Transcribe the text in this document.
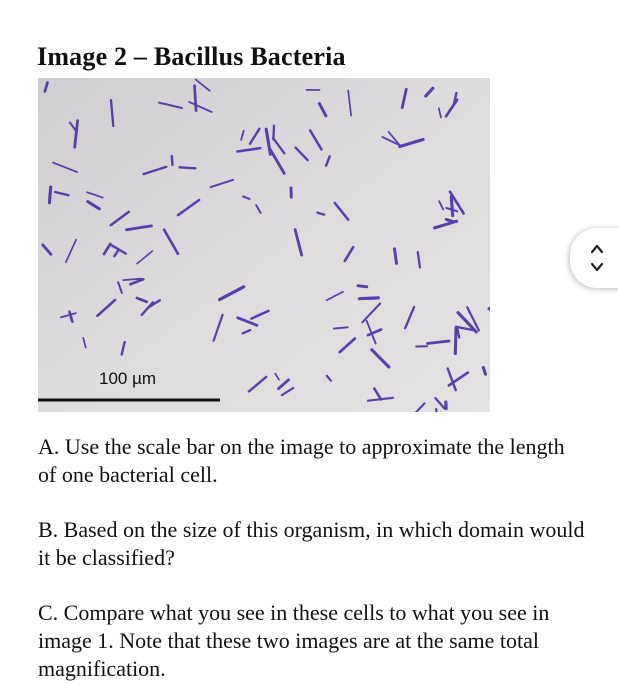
Image 2 – Bacillus Bacteria
100 µm
A. Use the scale bar on the image to approximate the length of one bacterial cell.
B. Based on the size of this organism, in which domain would it be classified?
C. Compare what you see in these cells to what you see in image 1. Note that these two images are at the same total magnification.
